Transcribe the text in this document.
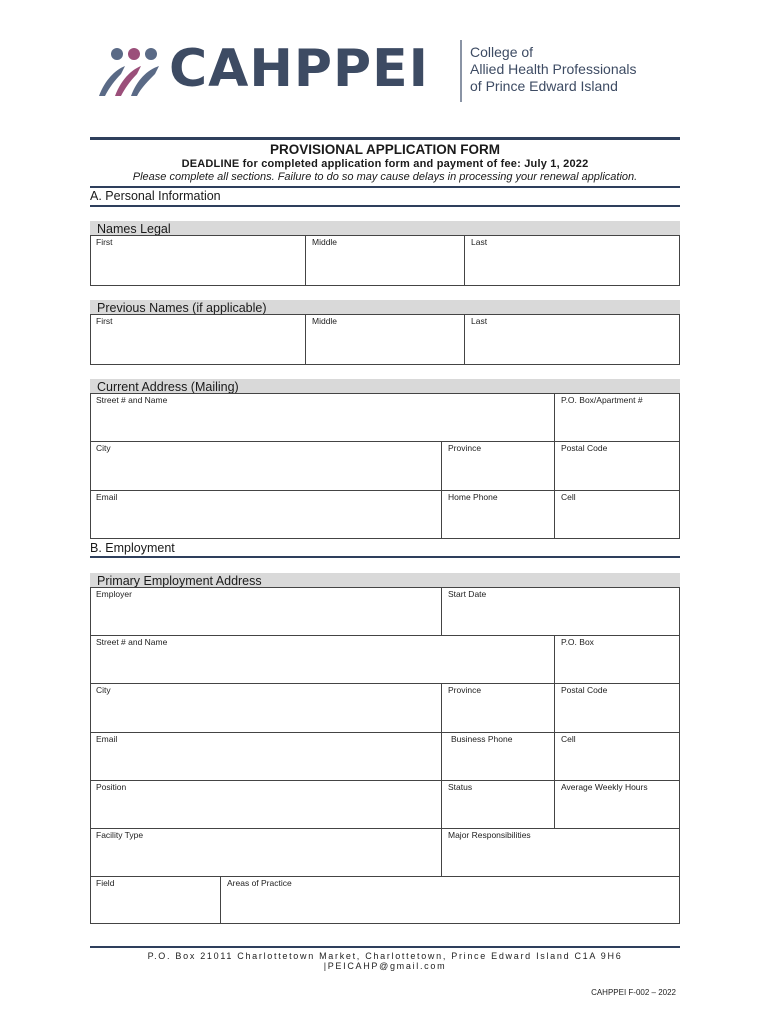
CAHPPEI	College of
Allied Health Professionals
of Prince Edward Island
PROVISIONAL APPLICATION FORM
DEADLINE for completed application form and payment of fee: July 1, 2022
Please complete all sections. Failure to do so may cause delays in processing your renewal application.
A. Personal Information
Names Legal
First	Middle	Last
Previous Names (if applicable)
First	Middle	Last
Current Address (Mailing)
Street # and Name	P.O. Box/Apartment #
City	Province	Postal Code
Email	Home Phone	Cell
B. Employment
Primary Employment Address
Employer	Start Date
Street # and Name	P.O. Box
City	Province	Postal Code
Email	Business Phone	Cell
Position	Status	Average Weekly Hours
Facility Type	Major Responsibilities
Field	Areas of Practice
P.O. Box 21011 Charlottetown Market, Charlottetown, Prince Edward Island C1A 9H6 |PEICAHP@gmail.com
CAHPPEI F-002 – 2022
